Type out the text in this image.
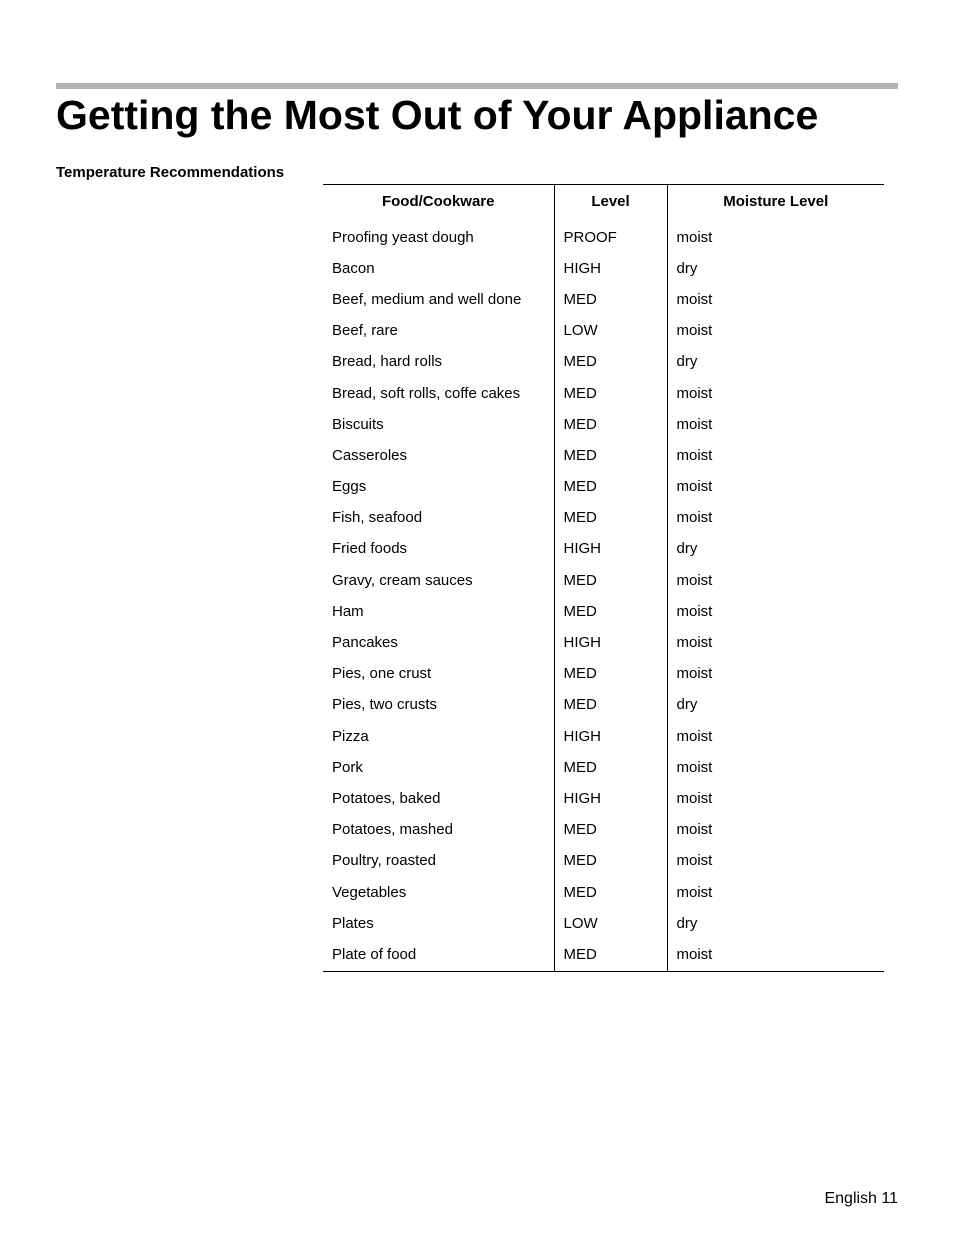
Getting the Most Out of Your Appliance
Temperature Recommendations
Food/Cookware	Level	Moisture Level
Proofing yeast dough	PROOF	moist
Bacon	HIGH	dry
Beef, medium and well done	MED	moist
Beef, rare	LOW	moist
Bread, hard rolls	MED	dry
Bread, soft rolls, coffe cakes	MED	moist
Biscuits	MED	moist
Casseroles	MED	moist
Eggs	MED	moist
Fish, seafood	MED	moist
Fried foods	HIGH	dry
Gravy, cream sauces	MED	moist
Ham	MED	moist
Pancakes	HIGH	moist
Pies, one crust	MED	moist
Pies, two crusts	MED	dry
Pizza	HIGH	moist
Pork	MED	moist
Potatoes, baked	HIGH	moist
Potatoes, mashed	MED	moist
Poultry, roasted	MED	moist
Vegetables	MED	moist
Plates	LOW	dry
Plate of food	MED	moist
English 11
